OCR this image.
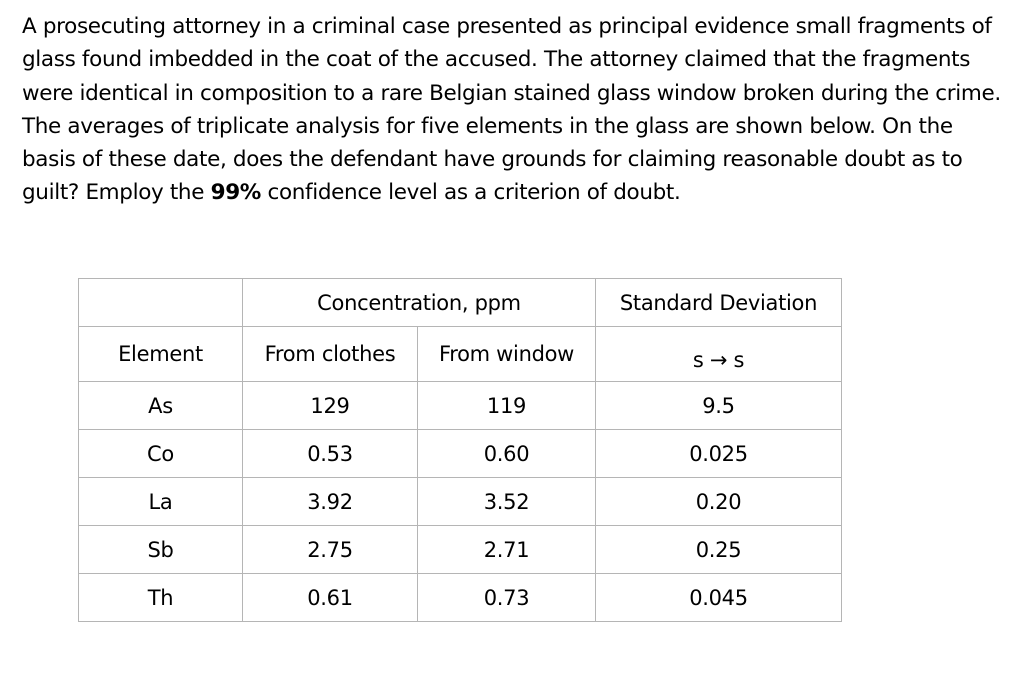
A prosecuting attorney in a criminal case presented as principal evidence small fragments of glass found imbedded in the coat of the accused. The attorney claimed that the fragments were identical in composition to a rare Belgian stained glass window broken during the crime. The averages of triplicate analysis for five elements in the glass are shown below. On the basis of these date, does the defendant have grounds for claiming reasonable doubt as to guilt? Employ the 99% confidence level as a criterion of doubt.

	Concentration, ppm		Standard Deviation
Element	From clothes	From window	s → s
As	129	119	9.5
Co	0.53	0.60	0.025
La	3.92	3.52	0.20
Sb	2.75	2.71	0.25
Th	0.61	0.73	0.045
